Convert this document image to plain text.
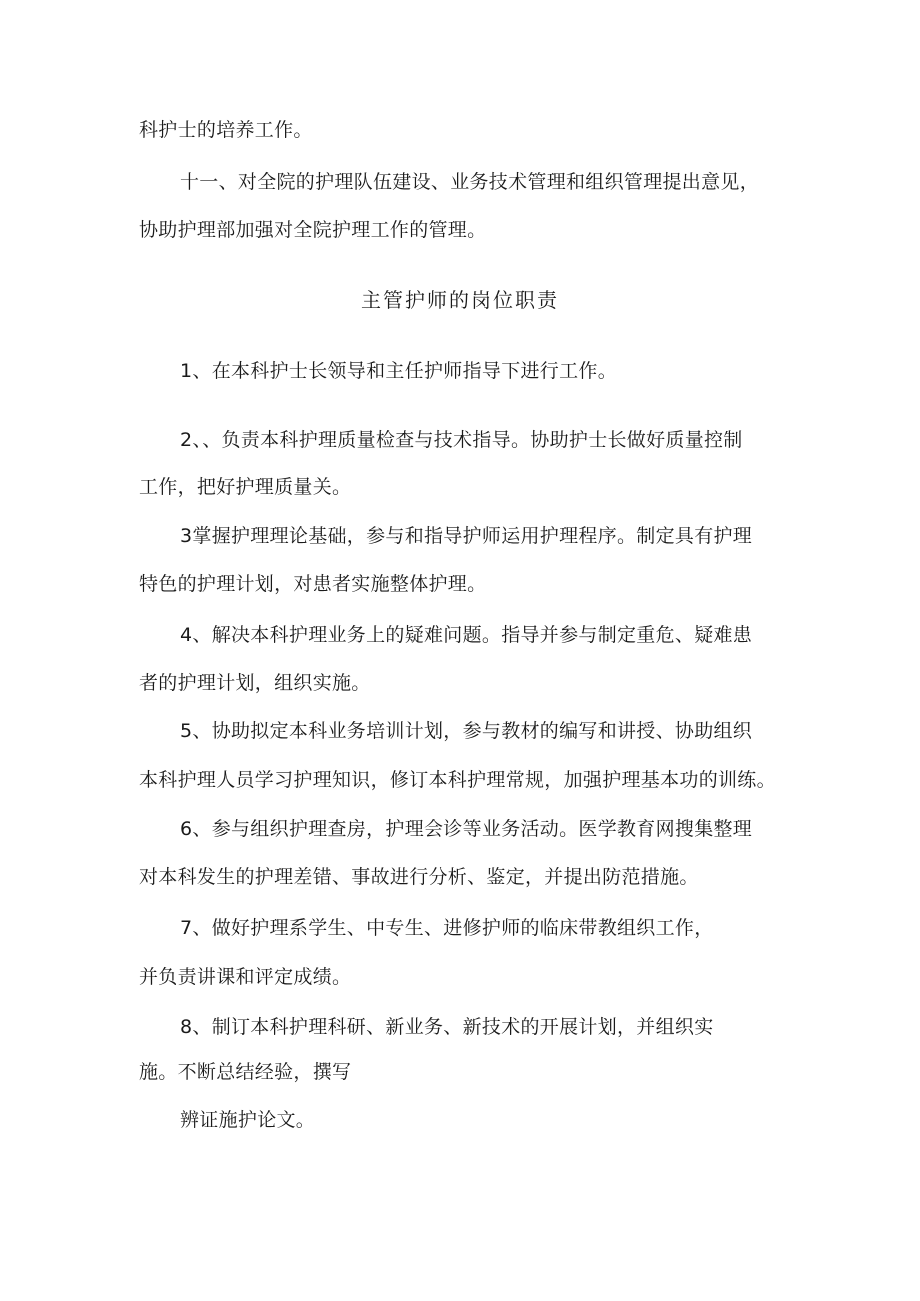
科护士的培养工作。
十一、对全院的护理队伍建设、业务技术管理和组织管理提出意见，
协助护理部加强对全院护理工作的管理。
主管护师的岗位职责
1、在本科护士长领导和主任护师指导下进行工作。
2、、负责本科护理质量检查与技术指导。协助护士长做好质量控制
工作，把好护理质量关。
3掌握护理理论基础，参与和指导护师运用护理程序。制定具有护理
特色的护理计划，对患者实施整体护理。
4、解决本科护理业务上的疑难问题。指导并参与制定重危、疑难患
者的护理计划，组织实施。
5、协助拟定本科业务培训计划，参与教材的编写和讲授、协助组织
本科护理人员学习护理知识，修订本科护理常规，加强护理基本功的训练。
6、参与组织护理查房，护理会诊等业务活动。医学教育网搜集整理
对本科发生的护理差错、事故进行分析、鉴定，并提出防范措施。
7、做好护理系学生、中专生、进修护师的临床带教组织工作，
并负责讲课和评定成绩。
8、制订本科护理科研、新业务、新技术的开展计划，并组织实
施。不断总结经验，撰写
辨证施护论文。
